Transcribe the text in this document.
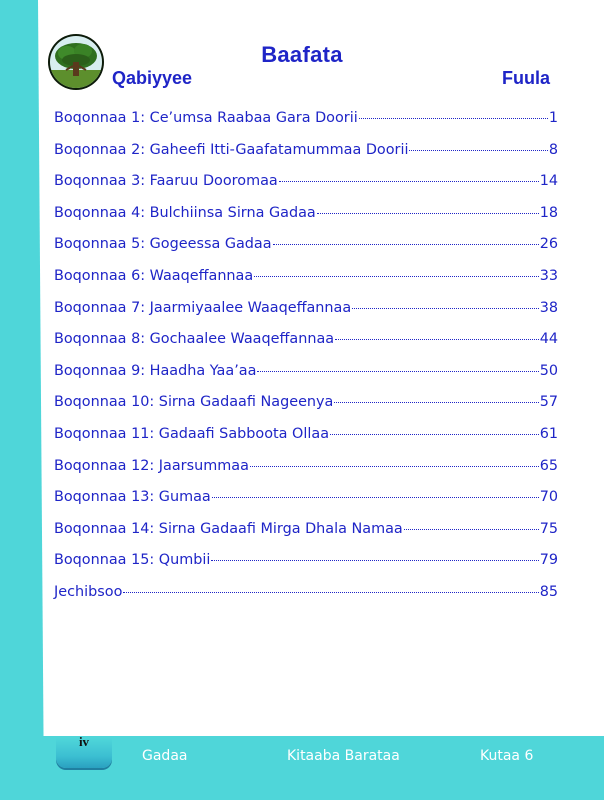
Baafata
Qabiyyee	Fuula
Boqonnaa 1: Ce’umsa Raabaa Gara Doorii	1
Boqonnaa 2: Gaheefi Itti-Gaafatamummaa Doorii	8
Boqonnaa 3: Faaruu Dooromaa	14
Boqonnaa 4: Bulchiinsa Sirna Gadaa	18
Boqonnaa 5: Gogeessa Gadaa	26
Boqonnaa 6: Waaqeffannaa	33
Boqonnaa 7: Jaarmiyaalee Waaqeffannaa	38
Boqonnaa 8: Gochaalee Waaqeffannaa	44
Boqonnaa 9: Haadha Yaa’aa	50
Boqonnaa 10: Sirna Gadaafi Nageenya	57
Boqonnaa 11: Gadaafi Sabboota Ollaa	61
Boqonnaa 12: Jaarsummaa	65
Boqonnaa 13: Gumaa	70
Boqonnaa 14: Sirna Gadaafi Mirga Dhala Namaa	75
Boqonnaa 15: Qumbii	79
Jechibsoo	85
iv
Gadaa	Kitaaba Barataa	Kutaa 6
